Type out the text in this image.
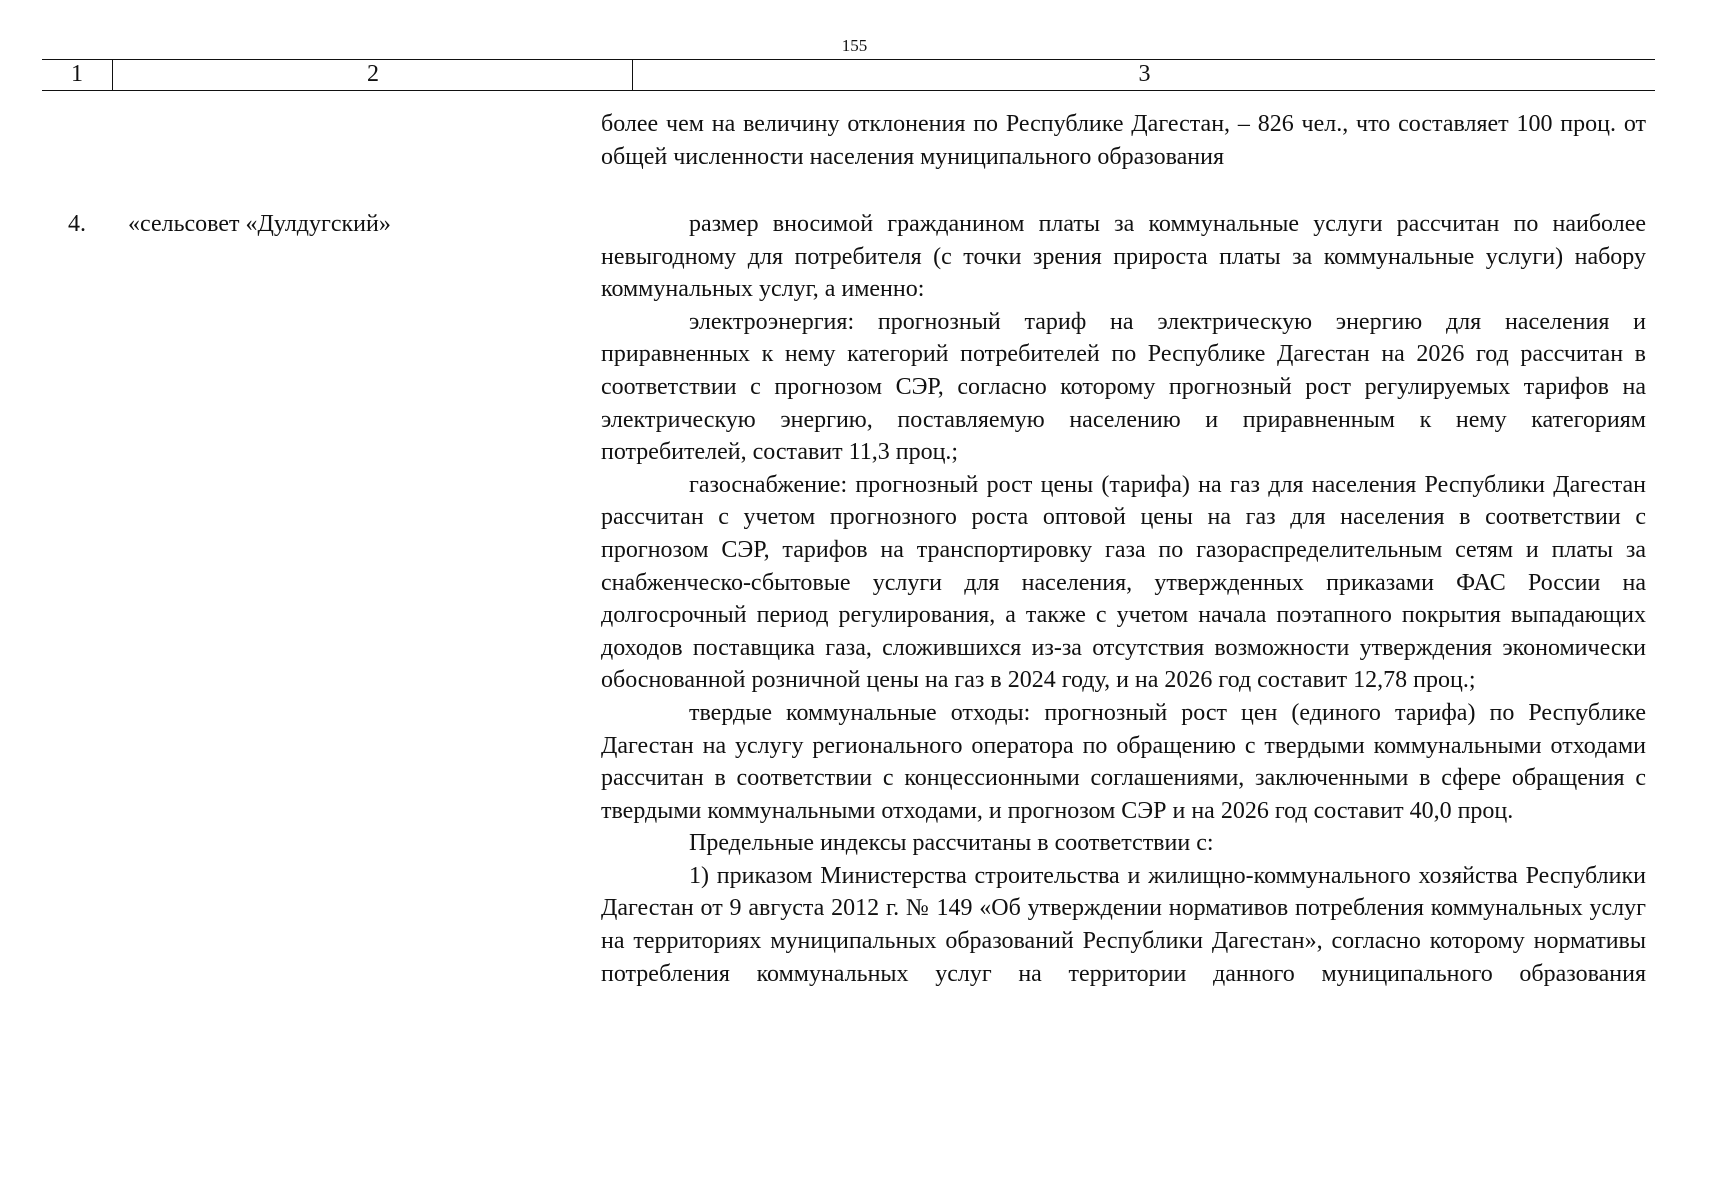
155
1	2	3

более чем на величину отклонения по Республике Дагестан, – 826 чел., что составляет 100 проц. от общей численности населения муниципального образования

4. «сельсовет «Дулдугский»	размер вносимой гражданином платы за коммунальные услуги рассчитан по наиболее невыгодному для потребителя (с точки зрения прироста платы за коммунальные услуги) набору коммунальных услуг, а именно:

электроэнергия: прогнозный тариф на электрическую энергию для населения и приравненных к нему категорий потребителей по Республике Дагестан на 2026 год рассчитан в соответствии с прогнозом СЭР, согласно которому прогнозный рост регулируемых тарифов на электрическую энергию, поставляемую населению и приравненным к нему категориям потребителей, составит 11,3 проц.;

газоснабжение: прогнозный рост цены (тарифа) на газ для населения Республики Дагестан рассчитан с учетом прогнозного роста оптовой цены на газ для населения в соответствии с прогнозом СЭР, тарифов на транспортировку газа по газораспределительным сетям и платы за снабженческо-сбытовые услуги для населения, утвержденных приказами ФАС России на долгосрочный период регулирования, а также с учетом начала поэтапного покрытия выпадающих доходов поставщика газа, сложившихся из-за отсутствия возможности утверждения экономически обоснованной розничной цены на газ в 2024 году, и на 2026 год составит 12,78 проц.;

твердые коммунальные отходы: прогнозный рост цен (единого тарифа) по Республике Дагестан на услугу регионального оператора по обращению с твердыми коммунальными отходами рассчитан в соответствии с концессионными соглашениями, заключенными в сфере обращения с твердыми коммунальными отходами, и прогнозом СЭР и на 2026 год составит 40,0 проц.

Предельные индексы рассчитаны в соответствии с:

1) приказом Министерства строительства и жилищно-коммунального хозяйства Республики Дагестан от 9 августа 2012 г. № 149 «Об утверждении нормативов потребления коммунальных услуг на территориях муниципальных образований Республики Дагестан», согласно которому нормативы потребления коммунальных услуг на территории данного муниципального образования
